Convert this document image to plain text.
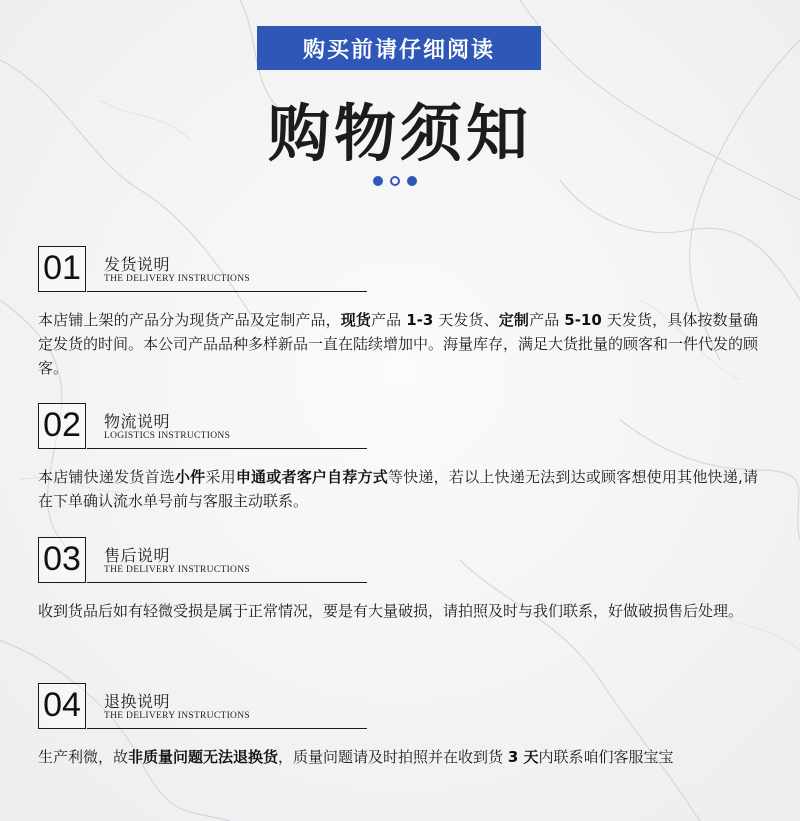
购买前请仔细阅读
购物须知
01	发货说明
THE DELIVERY INSTRUCTIONS
本店铺上架的产品分为现货产品及定制产品，现货产品 1-3 天发货、定制产品 5-10 天发货，具体按数量确定发货的时间。本公司产品品种多样新品一直在陆续增加中。海量库存，满足大货批量的顾客和一件代发的顾客。
02	物流说明
LOGISTICS INSTRUCTIONS
本店铺快递发货首选小件采用申通或者客户自荐方式等快递，若以上快递无法到达或顾客想使用其他快递,请在下单确认流水单号前与客服主动联系。
03	售后说明
THE DELIVERY INSTRUCTIONS
收到货品后如有轻微受损是属于正常情况，要是有大量破损，请拍照及时与我们联系，好做破损售后处理。
04	退换说明
THE DELIVERY INSTRUCTIONS
生产利微，故非质量问题无法退换货，质量问题请及时拍照并在收到货 3 天内联系咱们客服宝宝
